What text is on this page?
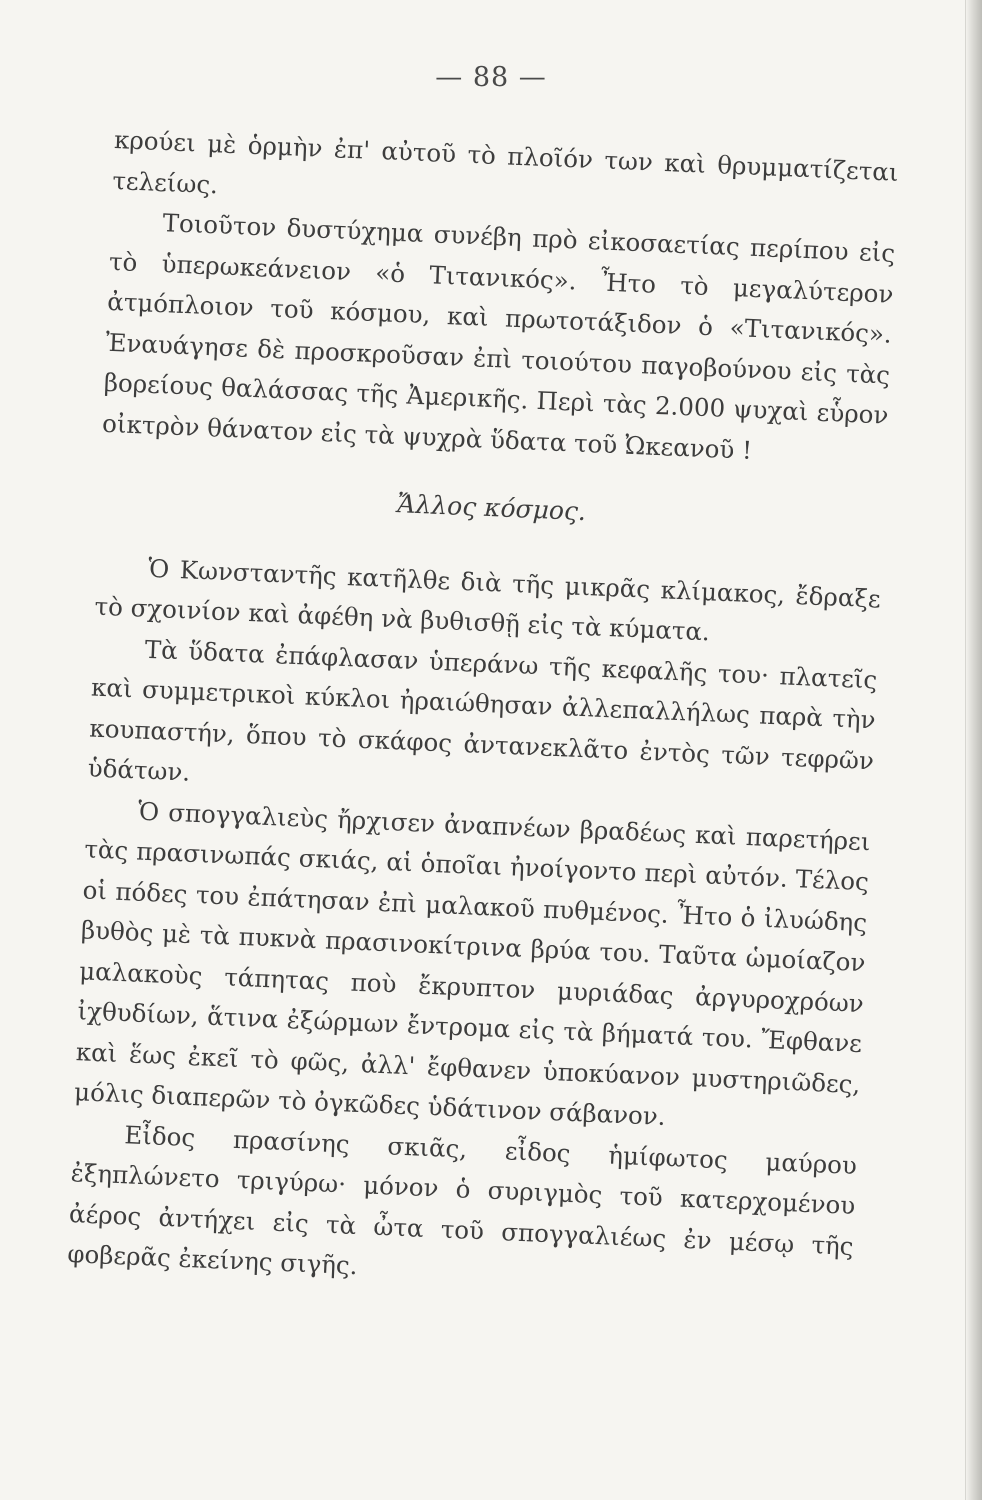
— 88 —

κρούει μὲ ὁρμὴν ἐπ' αὐτοῦ τὸ πλοῖόν των καὶ θρυμματίζεται τελείως.

Τοιοῦτον δυστύχημα συνέβη πρὸ εἰκοσαετίας περίπου εἰς τὸ ὑπερωκεάνειον «ὁ Τιτανικός». Ἦτο τὸ μεγαλύτερον ἀτμόπλοιον τοῦ κόσμου, καὶ πρωτοτάξιδον ὁ «Τιτανικός». Ἐναυάγησε δὲ προσκροῦσαν ἐπὶ τοιούτου παγοβούνου εἰς τὰς βορείους θαλάσσας τῆς Ἀμερικῆς. Περὶ τὰς 2.000 ψυχαὶ εὗρον οἰκτρὸν θάνατον εἰς τὰ ψυχρὰ ὕδατα τοῦ Ὠκεανοῦ !

Ἄλλος κόσμος.

Ὁ Κωνσταντῆς κατῆλθε διὰ τῆς μικρᾶς κλίμακος, ἔδραξε τὸ σχοινίον καὶ ἀφέθη νὰ βυθισθῇ εἰς τὰ κύματα.

Τὰ ὕδατα ἐπάφλασαν ὑπεράνω τῆς κεφαλῆς του· πλατεῖς καὶ συμμετρικοὶ κύκλοι ἠραιώθησαν ἀλλεπαλλήλως παρὰ τὴν κουπαστήν, ὅπου τὸ σκάφος ἀντανεκλᾶτο ἐντὸς τῶν τεφρῶν ὑδάτων.

Ὁ σπογγαλιεὺς ἤρχισεν ἀναπνέων βραδέως καὶ παρετήρει τὰς πρασινωπάς σκιάς, αἱ ὁποῖαι ἠνοίγοντο περὶ αὐτόν. Τέλος οἱ πόδες του ἐπάτησαν ἐπὶ μαλακοῦ πυθμένος. Ἦτο ὁ ἰλυώδης βυθὸς μὲ τὰ πυκνὰ πρασινοκίτρινα βρύα του. Ταῦτα ὡμοίαζον μαλακοὺς τάπητας ποὺ ἔκρυπτον μυριάδας ἀργυροχρόων ἰχθυδίων, ἅτινα ἐξώρμων ἔντρομα εἰς τὰ βήματά του. Ἔφθανε καὶ ἕως ἐκεῖ τὸ φῶς, ἀλλ' ἔφθανεν ὑποκύανον μυστηριῶδες, μόλις διαπερῶν τὸ ὀγκῶδες ὑδάτινον σάβανον.

Εἶδος πρασίνης σκιᾶς, εἶδος ἡμίφωτος μαύρου ἐξηπλώνετο τριγύρω· μόνον ὁ συριγμὸς τοῦ κατερχομένου ἀέρος ἀντήχει εἰς τὰ ὦτα τοῦ σπογγαλιέως ἐν μέσῳ τῆς φοβερᾶς ἐκείνης σιγῆς.
